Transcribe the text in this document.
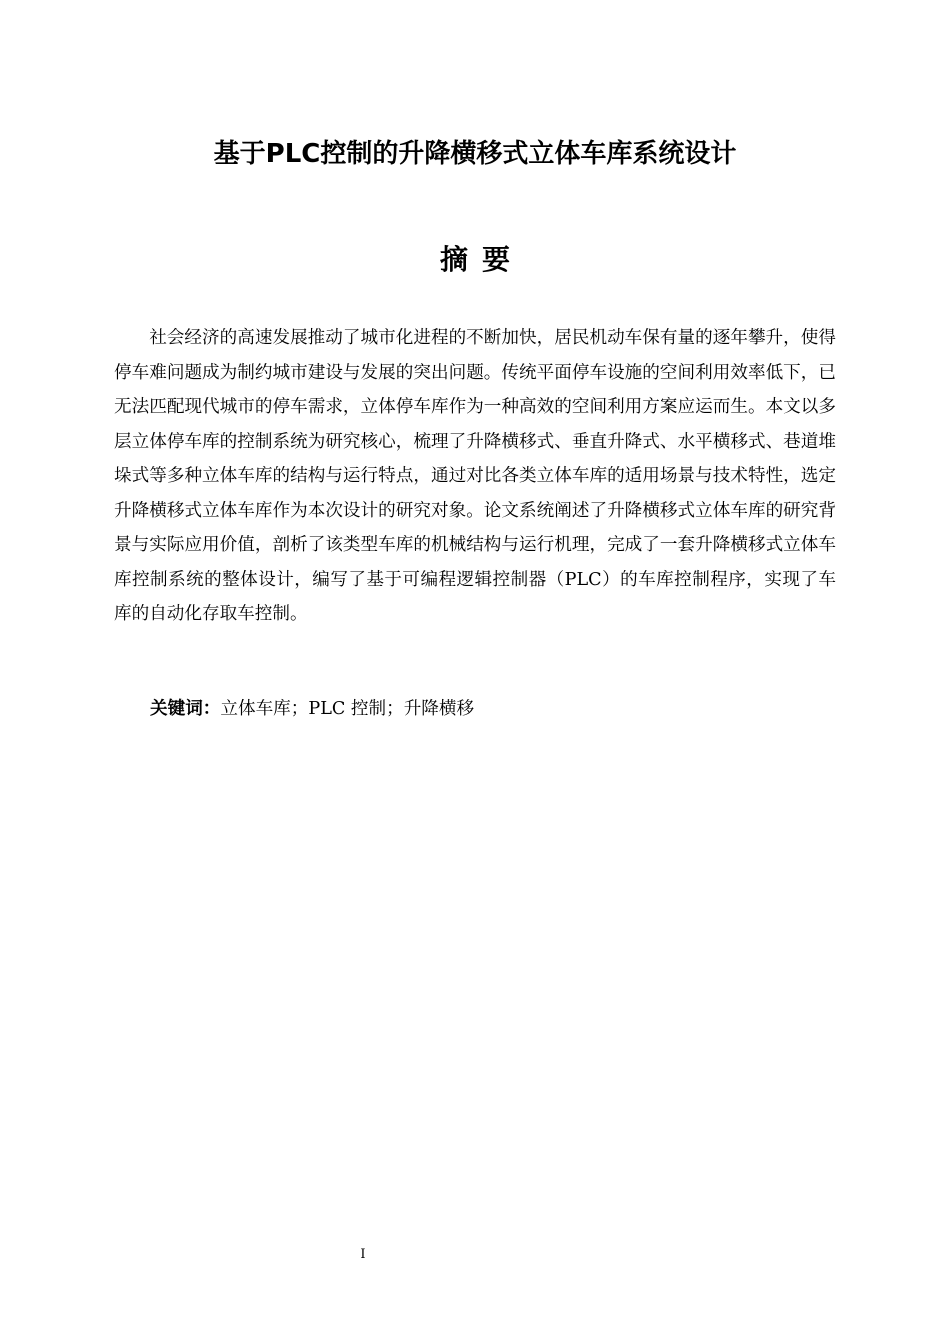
基于PLC控制的升降横移式立体车库系统设计
摘要

社会经济的高速发展推动了城市化进程的不断加快，居民机动车保有量的逐年攀升，使得停车难问题成为制约城市建设与发展的突出问题。传统平面停车设施的空间利用效率低下，已无法匹配现代城市的停车需求，立体停车库作为一种高效的空间利用方案应运而生。本文以多层立体停车库的控制系统为研究核心，梳理了升降横移式、垂直升降式、水平横移式、巷道堆垛式等多种立体车库的结构与运行特点，通过对比各类立体车库的适用场景与技术特性，选定升降横移式立体车库作为本次设计的研究对象。论文系统阐述了升降横移式立体车库的研究背景与实际应用价值，剖析了该类型车库的机械结构与运行机理，完成了一套升降横移式立体车库控制系统的整体设计，编写了基于可编程逻辑控制器（PLC）的车库控制程序，实现了车库的自动化存取车控制。

关键词：立体车库；PLC 控制；升降横移

I
